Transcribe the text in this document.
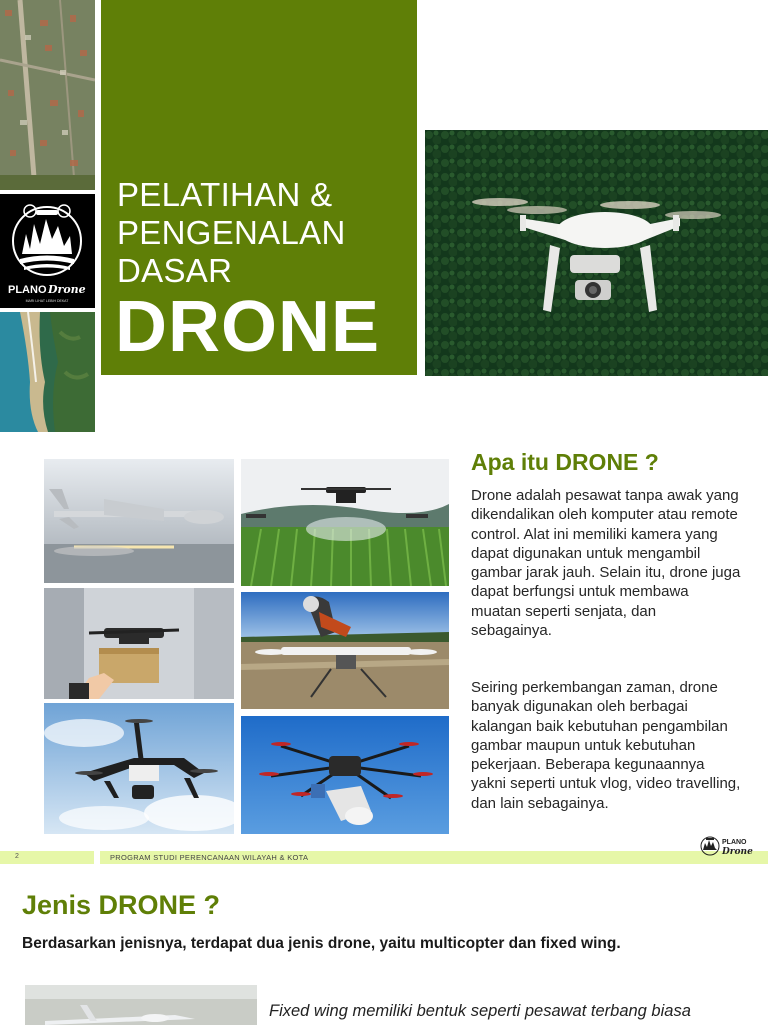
PLANO Drone
MARI LIHAT LEBIH DEKAT
PELATIHAN &
PENGENALAN
DASAR
DRONE
Apa itu DRONE ?
Drone adalah pesawat tanpa awak yang dikendalikan oleh komputer atau remote control. Alat ini memiliki kamera yang dapat digunakan untuk mengambil gambar jarak jauh. Selain itu, drone juga dapat berfungsi untuk membawa muatan seperti senjata, dan sebagainya.
Seiring perkembangan zaman, drone banyak digunakan oleh berbagai kalangan baik kebutuhan pengambilan gambar maupun untuk kebutuhan pekerjaan. Beberapa kegunaannya yakni seperti untuk vlog, video travelling, dan lain sebagainya.
2	PROGRAM STUDI PERENCANAAN WILAYAH & KOTA
PLANO
Drone
Jenis DRONE ?
Berdasarkan jenisnya, terdapat dua jenis drone, yaitu multicopter dan fixed wing.
Fixed wing memiliki bentuk seperti pesawat terbang biasa
